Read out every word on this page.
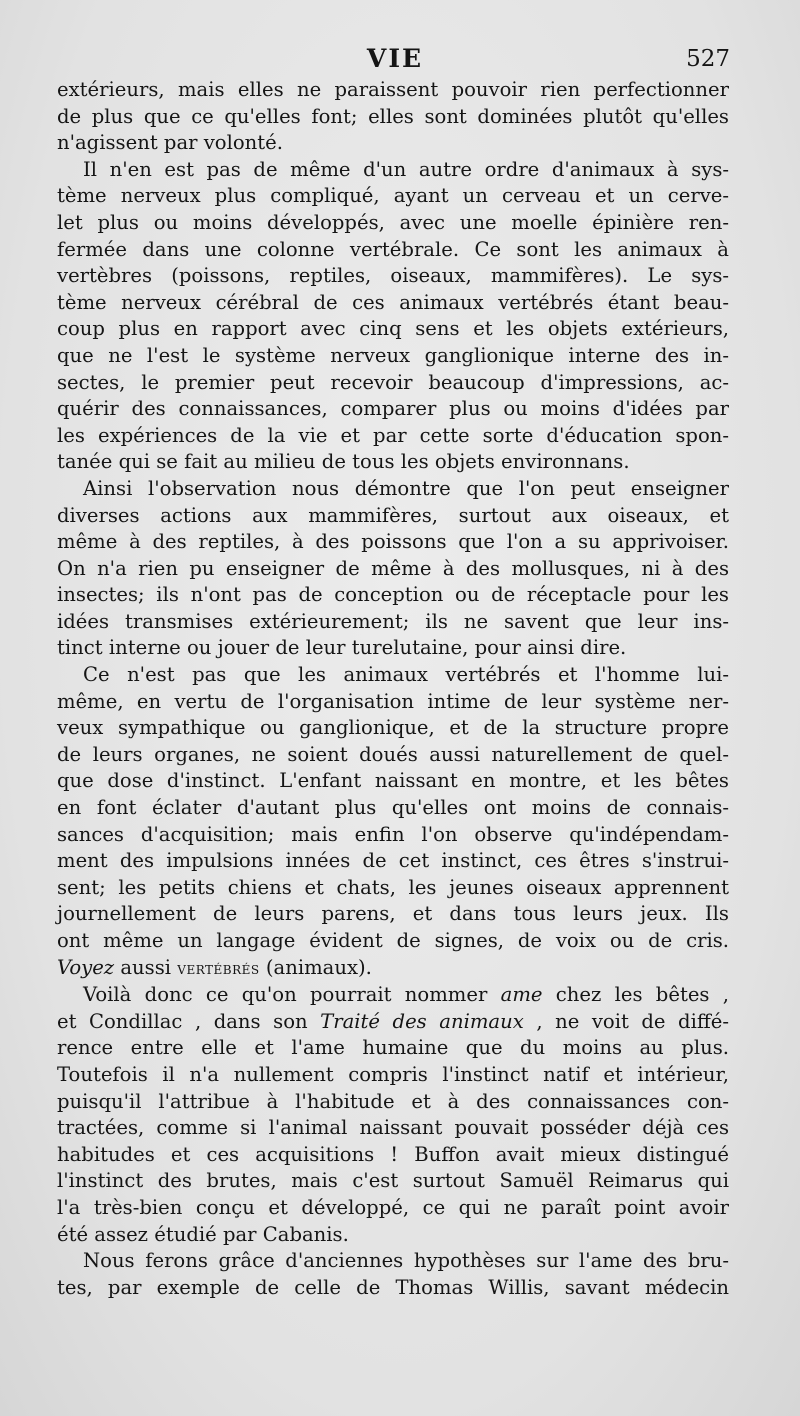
VIE	527

extérieurs, mais elles ne paraissent pouvoir rien perfectionner

de plus que ce qu'elles font; elles sont dominées plutôt qu'elles

n'agissent par volonté.

Il n'en est pas de même d'un autre ordre d'animaux à sys-

tème nerveux plus compliqué, ayant un cerveau et un cerve-

let plus ou moins développés, avec une moelle épinière ren-

fermée dans une colonne vertébrale. Ce sont les animaux à

vertèbres (poissons, reptiles, oiseaux, mammifères). Le sys-

tème nerveux cérébral de ces animaux vertébrés étant beau-

coup plus en rapport avec cinq sens et les objets extérieurs,

que ne l'est le système nerveux ganglionique interne des in-

sectes, le premier peut recevoir beaucoup d'impressions, ac-

quérir des connaissances, comparer plus ou moins d'idées par

les expériences de la vie et par cette sorte d'éducation spon-

tanée qui se fait au milieu de tous les objets environnans.

Ainsi l'observation nous démontre que l'on peut enseigner

diverses actions aux mammifères, surtout aux oiseaux, et

même à des reptiles, à des poissons que l'on a su apprivoiser.

On n'a rien pu enseigner de même à des mollusques, ni à des

insectes; ils n'ont pas de conception ou de réceptacle pour les

idées transmises extérieurement; ils ne savent que leur ins-

tinct interne ou jouer de leur turelutaine, pour ainsi dire.

Ce n'est pas que les animaux vertébrés et l'homme lui-

même, en vertu de l'organisation intime de leur système ner-

veux sympathique ou ganglionique, et de la structure propre

de leurs organes, ne soient doués aussi naturellement de quel-

que dose d'instinct. L'enfant naissant en montre, et les bêtes

en font éclater d'autant plus qu'elles ont moins de connais-

sances d'acquisition; mais enfin l'on observe qu'indépendam-

ment des impulsions innées de cet instinct, ces êtres s'instrui-

sent; les petits chiens et chats, les jeunes oiseaux apprennent

journellement de leurs parens, et dans tous leurs jeux. Ils

ont même un langage évident de signes, de voix ou de cris.

Voyez aussi vertébrés (animaux).

Voilà donc ce qu'on pourrait nommer ame chez les bêtes ,

et Condillac , dans son Traité des animaux , ne voit de diffé-

rence entre elle et l'ame humaine que du moins au plus.

Toutefois il n'a nullement compris l'instinct natif et intérieur,

puisqu'il l'attribue à l'habitude et à des connaissances con-

tractées, comme si l'animal naissant pouvait posséder déjà ces

habitudes et ces acquisitions ! Buffon avait mieux distingué

l'instinct des brutes, mais c'est surtout Samuël Reimarus qui

l'a très-bien conçu et développé, ce qui ne paraît point avoir

été assez étudié par Cabanis.

Nous ferons grâce d'anciennes hypothèses sur l'ame des bru-

tes, par exemple de celle de Thomas Willis, savant médecin
